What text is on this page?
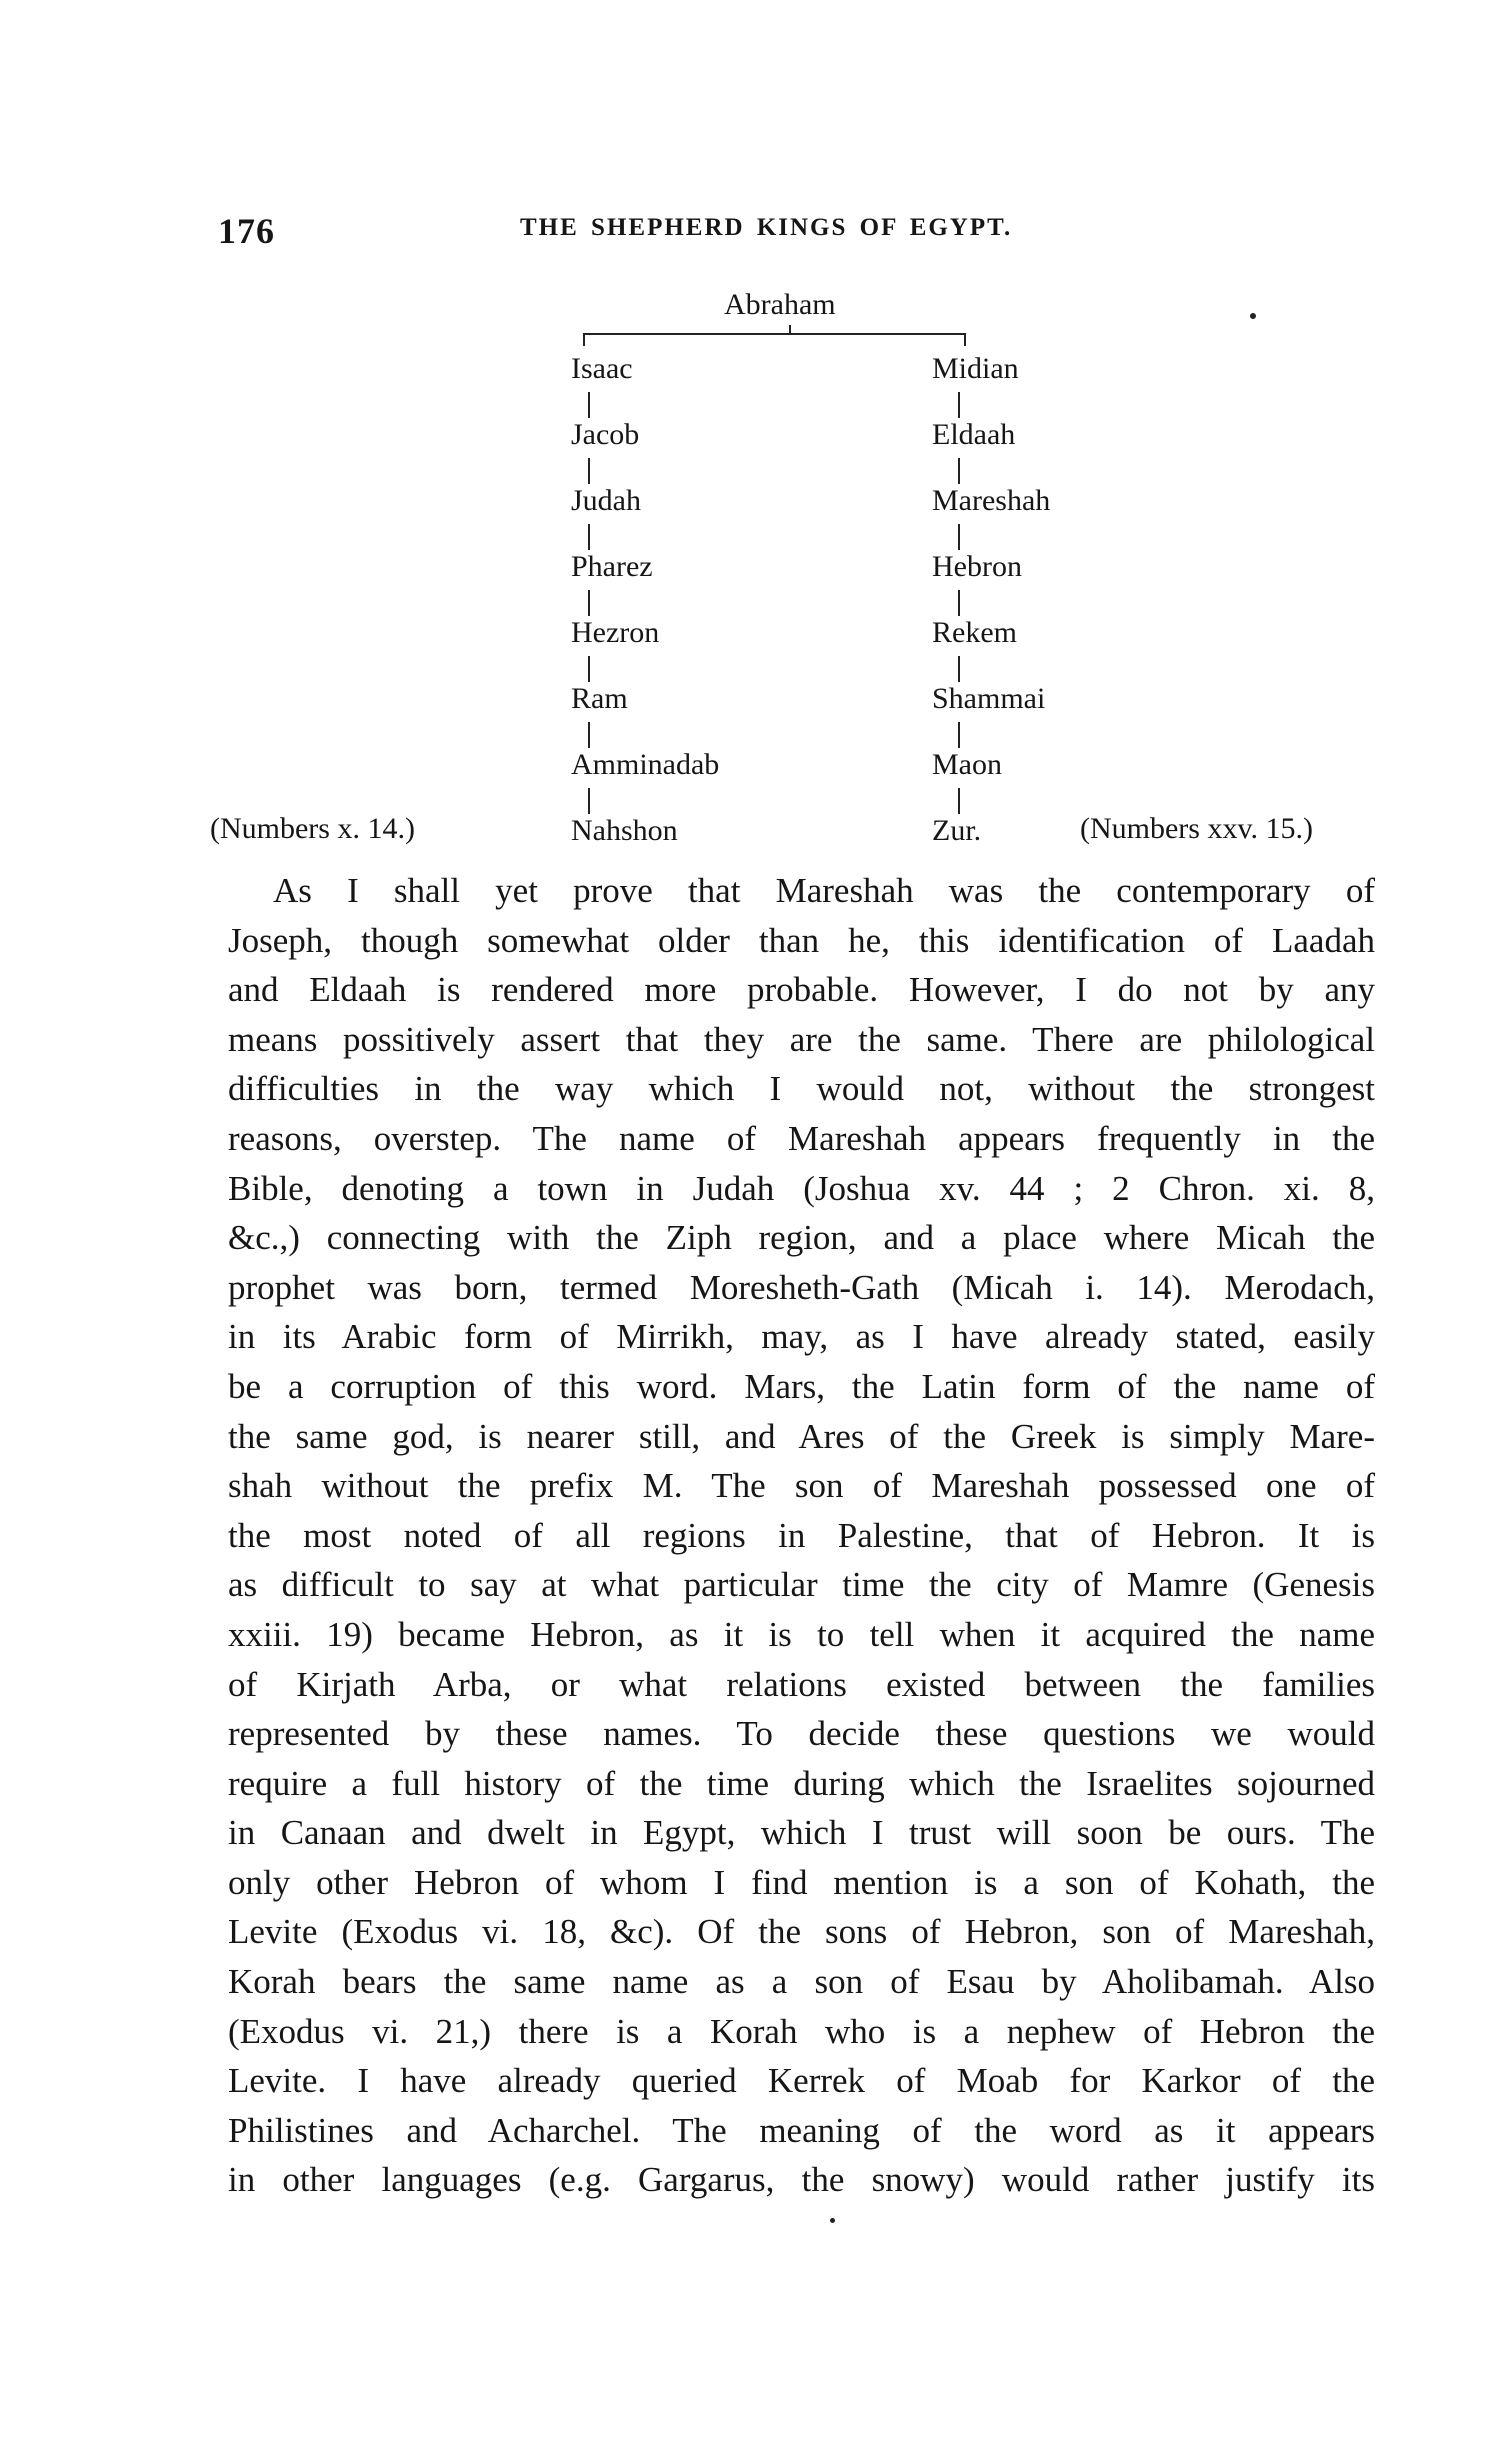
176	THE SHEPHERD KINGS OF EGYPT.
Abraham
Isaac
Jacob
Judah
Pharez
Hezron
Ram
Amminadab
Nahshon
Midian
Eldaah
Mareshah
Hebron
Rekem
Shammai
Maon
Zur.
(Numbers x. 14.)	(Numbers xxv. 15.)
As I shall yet prove that Mareshah was the contemporary of
Joseph, though somewhat older than he, this identification of Laadah
and Eldaah is rendered more probable. However, I do not by any
means possitively assert that they are the same. There are philological
difficulties in the way which I would not, without the strongest
reasons, overstep. The name of Mareshah appears frequently in the
Bible, denoting a town in Judah (Joshua xv. 44 ; 2 Chron. xi. 8,
&c.,) connecting with the Ziph region, and a place where Micah the
prophet was born, termed Moresheth-Gath (Micah i. 14). Merodach,
in its Arabic form of Mirrikh, may, as I have already stated, easily
be a corruption of this word. Mars, the Latin form of the name of
the same god, is nearer still, and Ares of the Greek is simply Mare-
shah without the prefix M. The son of Mareshah possessed one of
the most noted of all regions in Palestine, that of Hebron. It is
as difficult to say at what particular time the city of Mamre (Genesis
xxiii. 19) became Hebron, as it is to tell when it acquired the name
of Kirjath Arba, or what relations existed between the families
represented by these names. To decide these questions we would
require a full history of the time during which the Israelites sojourned
in Canaan and dwelt in Egypt, which I trust will soon be ours. The
only other Hebron of whom I find mention is a son of Kohath, the
Levite (Exodus vi. 18, &c). Of the sons of Hebron, son of Mareshah,
Korah bears the same name as a son of Esau by Aholibamah. Also
(Exodus vi. 21,) there is a Korah who is a nephew of Hebron the
Levite. I have already queried Kerrek of Moab for Karkor of the
Philistines and Acharchel. The meaning of the word as it appears
in other languages (e.g. Gargarus, the snowy) would rather justify its
